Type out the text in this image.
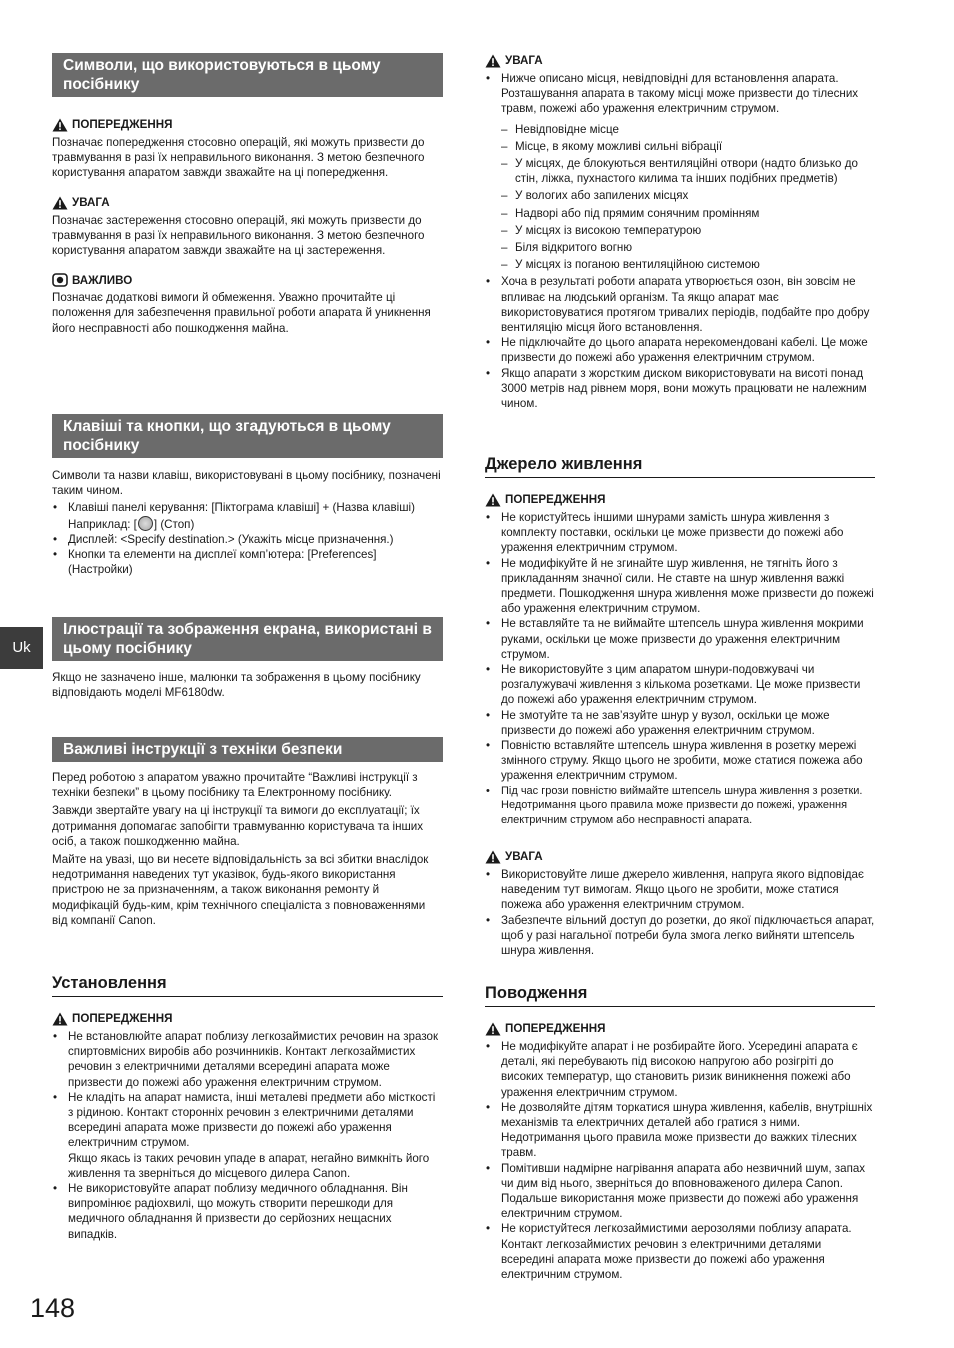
Uk
Символи, що використовуються в цьому посібнику
ПОПЕРЕДЖЕННЯ

Позначає попередження стосовно операцій, які можуть призвести до травмування в разі їх неправильного виконання. З метою безпечного користування апаратом завжди зважайте на ці попередження.

УВАГА

Позначає застереження стосовно операцій, які можуть призвести до травмування в разі їх неправильного виконання. З метою безпечного користування апаратом завжди зважайте на ці застереження.

ВАЖЛИВО

Позначає додаткові вимоги й обмеження. Уважно прочитайте ці положення для забезпечення правильної роботи апарата й уникнення його несправності або пошкодження майна.

Клавіші та кнопки, що згадуються в цьому посібнику

Символи та назви клавіш, використовувані в цьому посібнику, позначені таким чином.

• Клавіші панелі керування: [Піктограма клавіші] + (Назва клавіші)
Наприклад: [ ] (Стоп)
• Дисплей: <Specify destination.> (Укажіть місце призначення.)
• Кнопки та елементи на дисплеї комп’ютера: [Preferences] (Настройки)
Ілюстрації та зображення екрана, використані в цьому посібнику

Якщо не зазначено інше, малюнки та зображення в цьому посібнику відповідають моделі MF6180dw.

Важливі інструкції з техніки безпеки

Перед роботою з апаратом уважно прочитайте “Важливі інструкції з техніки безпеки” в цьому посібнику та Електронному посібнику.

Завжди звертайте увагу на ці інструкції та вимоги до експлуатації; їх дотримання допомагає запобігти травмуванню користувача та інших осіб, а також пошкодженню майна.

Майте на увазі, що ви несете відповідальність за всі збитки внаслідок недотримання наведених тут указівок, будь-якого використання пристрою не за призначенням, а також виконання ремонту й модифікацій будь-ким, крім технічного спеціаліста з повноваженнями від компанії Canon.

Установлення
ПОПЕРЕДЖЕННЯ
• Не встановлюйте апарат поблизу легкозаймистих речовин на зразок спиртовмісних виробів або розчинників. Контакт легкозаймистих речовин з електричними деталями всередині апарата може призвести до пожежі або ураження електричним струмом.
• Не кладіть на апарат намиста, інші металеві предмети або місткості з рідиною. Контакт сторонніх речовин з електричними деталями всередині апарата може призвести до пожежі або ураження електричним струмом.
Якщо якась із таких речовин упаде в апарат, негайно вимкніть його живлення та зверніться до місцевого дилера Canon.
• Не використовуйте апарат поблизу медичного обладнання. Він випромінює радіохвилі, що можуть створити перешкоди для медичного обладнання й призвести до серйозних нещасних випадків.
УВАГА
• Нижче описано місця, невідповідні для встановлення апарата. Розташування апарата в такому місці може призвести до тілесних травм, пожежі або ураження електричним струмом.
– Невідповідне місце
– Місце, в якому можливі сильні вібрації
– У місцях, де блокуються вентиляційні отвори (надто близько до стін, ліжка, пухнастого килима та інших подібних предметів)
– У вологих або запилених місцях
– Надворі або під прямим сонячним промінням
– У місцях із високою температурою
– Біля відкритого вогню
– У місцях із поганою вентиляційною системою
• Хоча в результаті роботи апарата утворюється озон, він зовсім не впливає на людський організм. Та якщо апарат має використовуватися протягом тривалих періодів, подбайте про добру вентиляцію місця його встановлення.
• Не підключайте до цього апарата нерекомендовані кабелі. Це може призвести до пожежі або ураження електричним струмом.
• Якщо апарати з жорстким диском використовувати на висоті понад 3000 метрів над рівнем моря, вони можуть працювати не належним чином.
Джерело живлення
ПОПЕРЕДЖЕННЯ
• Не користуйтесь іншими шнурами замість шнура живлення з комплекту поставки, оскільки це може призвести до пожежі або ураження електричним струмом.
• Не модифікуйте й не згинайте шур живлення, не тягніть його з прикладанням значної сили. Не ставте на шнур живлення важкі предмети. Пошкодження шнура живлення може призвести до пожежі або ураження електричним струмом.
• Не вставляйте та не виймайте штепсель шнура живлення мокрими руками, оскільки це може призвести до ураження електричним струмом.
• Не використовуйте з цим апаратом шнури-подовжувачі чи розгалужувачі живлення з кількома розетками. Це може призвести до пожежі або ураження електричним струмом.
• Не змотуйте та не зав’язуйте шнур у вузол, оскільки це може призвести до пожежі або ураження електричним струмом.
• Повністю вставляйте штепсель шнура живлення в розетку мережі змінного струму. Якщо цього не зробити, може статися пожежа або ураження електричним струмом.
• Під час грози повністю виймайте штепсель шнура живлення з розетки. Недотримання цього правила може призвести до пожежі, ураження електричним струмом або несправності апарата.
УВАГА
• Використовуйте лише джерело живлення, напруга якого відповідає наведеним тут вимогам. Якщо цього не зробити, може статися пожежа або ураження електричним струмом.
• Забезпечте вільний доступ до розетки, до якої підключається апарат, щоб у разі нагальної потреби була змога легко вийняти штепсель шнура живлення.
Поводження
ПОПЕРЕДЖЕННЯ
• Не модифікуйте апарат і не розбирайте його. Усередині апарата є деталі, які перебувають під високою напругою або розігріті до високих температур, що становить ризик виникнення пожежі або ураження електричним струмом.
• Не дозволяйте дітям торкатися шнура живлення, кабелів, внутрішніх механізмів та електричних деталей або гратися з ними. Недотримання цього правила може призвести до важких тілесних травм.
• Помітивши надмірне нагрівання апарата або незвичний шум, запах чи дим від нього, зверніться до вповноваженого дилера Canon. Подальше використання може призвести до пожежі або ураження електричним струмом.
• Не користуйтеся легкозаймистими аерозолями поблизу апарата. Контакт легкозаймистих речовин з електричними деталями всередині апарата може призвести до пожежі або ураження електричним струмом.
148
